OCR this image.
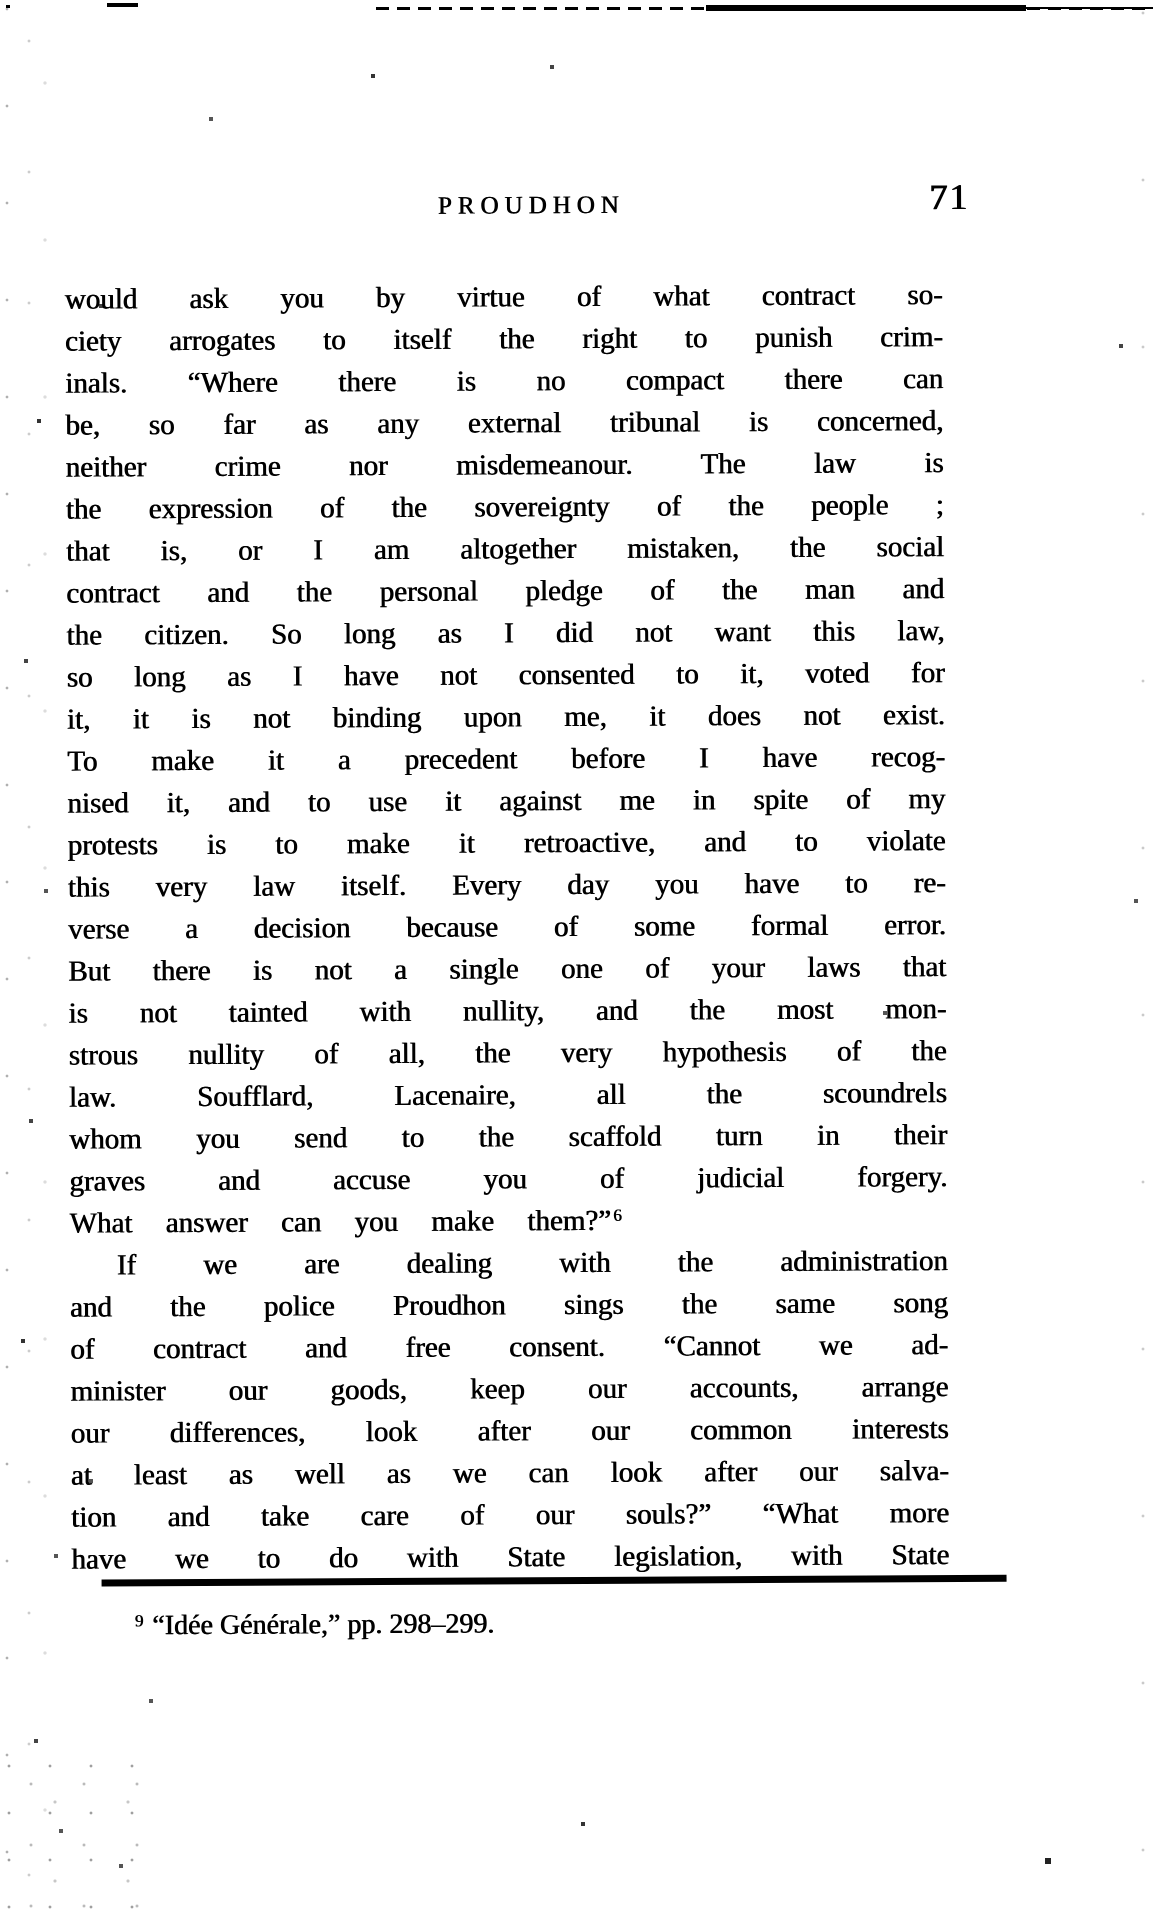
PROUDHON	71
would ask you by virtue of what contract so-
ciety arrogates to itself the right to punish crim-
inals. “Where there is no compact there can
be, so far as any external tribunal is concerned,
neither crime nor misdemeanour. The law is
the expression of the sovereignty of the people ;
that is, or I am altogether mistaken, the social
contract and the personal pledge of the man and
the citizen. So long as I did not want this law,
so long as I have not consented to it, voted for
it, it is not binding upon me, it does not exist.
To make it a precedent before I have recog-
nised it, and to use it against me in spite of my
protests is to make it retroactive, and to violate
this very law itself. Every day you have to re-
verse a decision because of some formal error.
But there is not a single one of your laws that
is not tainted with nullity, and the most mon-
strous nullity of all, the very hypothesis of the
law. Soufflard, Lacenaire, all the scoundrels
whom you send to the scaffold turn in their
graves and accuse you of judicial forgery.
What answer can you make them?” $^6$
If we are dealing with the administration
and the police Proudhon sings the same song
of contract and free consent. “Cannot we ad-
minister our goods, keep our accounts, arrange
our differences, look after our common interests
at least as well as we can look after our salva-
tion and take care of our souls?” “What more
have we to do with State legislation, with State
$^9$ “Idée Générale,” pp. 298–299.
